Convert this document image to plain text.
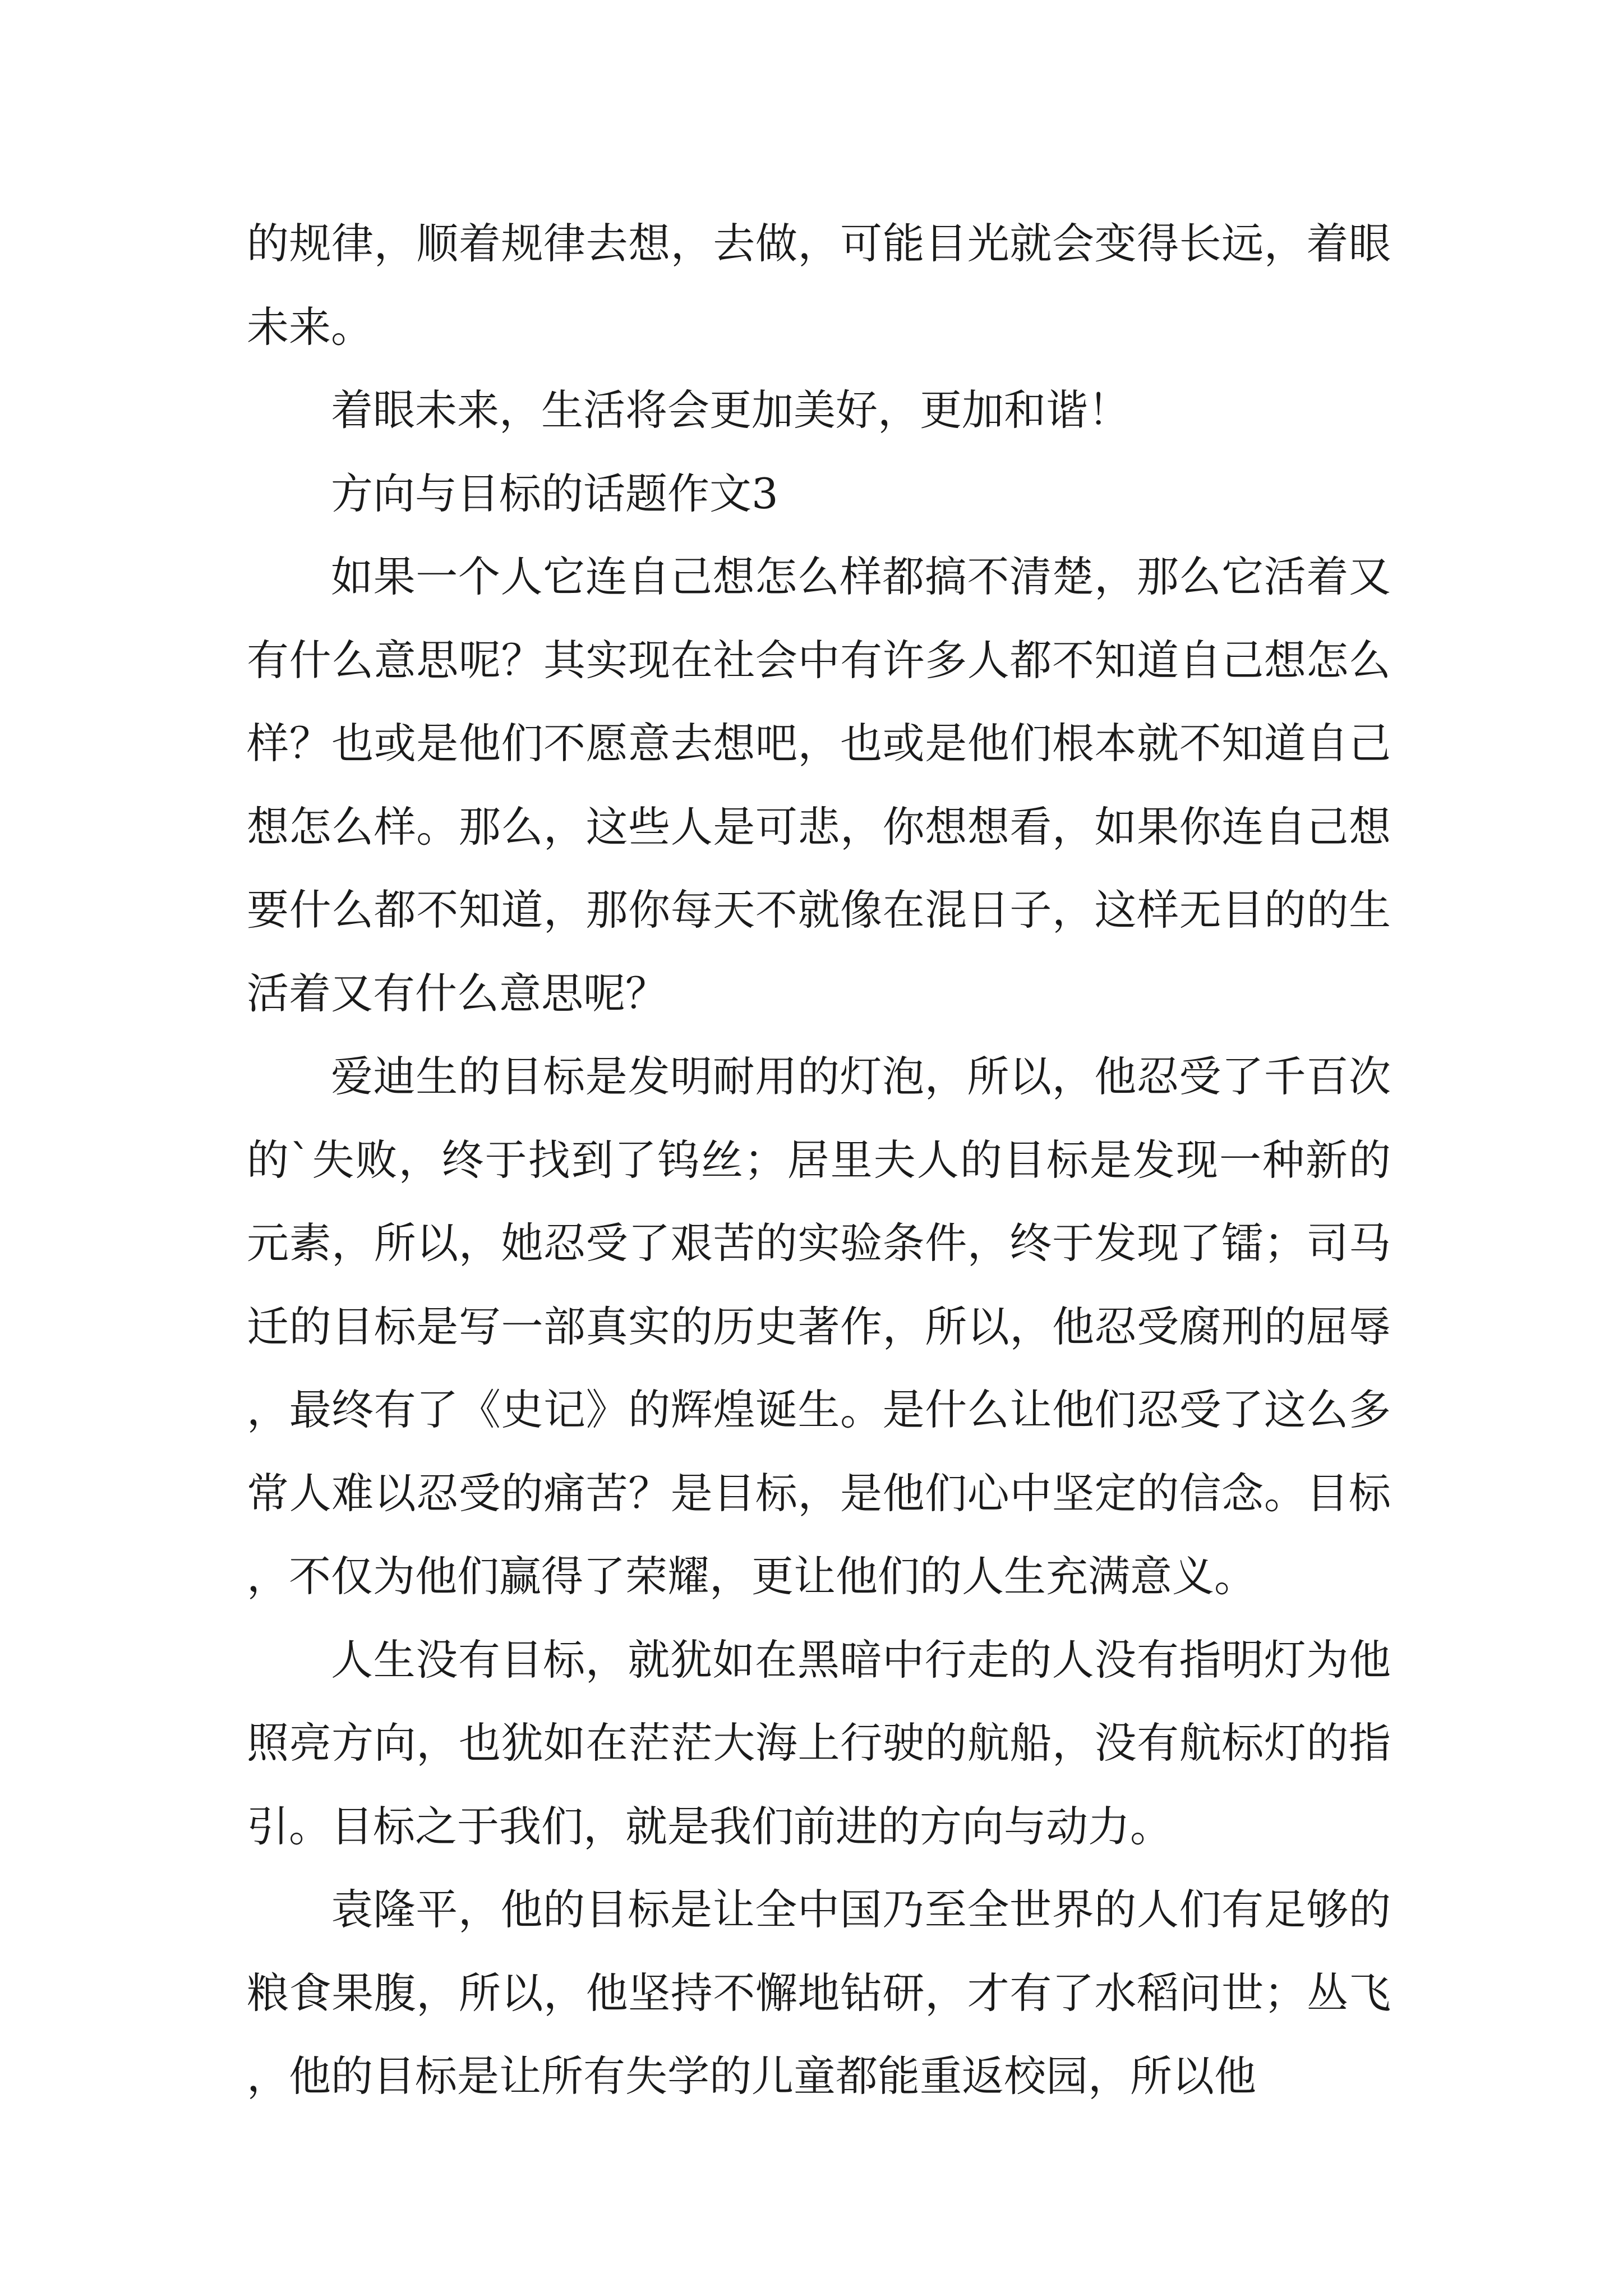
的规律，顺着规律去想，去做，可能目光就会变得长远，着眼未来。

着眼未来，生活将会更加美好，更加和谐！

方向与目标的话题作文3

如果一个人它连自己想怎么样都搞不清楚，那么它活着又有什么意思呢？其实现在社会中有许多人都不知道自己想怎么样？也或是他们不愿意去想吧，也或是他们根本就不知道自己想怎么样。那么，这些人是可悲，你想想看，如果你连自己想要什么都不知道，那你每天不就像在混日子，这样无目的的生活着又有什么意思呢？

爱迪生的目标是发明耐用的灯泡，所以，他忍受了千百次的`失败，终于找到了钨丝；居里夫人的目标是发现一种新的元素，所以，她忍受了艰苦的实验条件，终于发现了镭；司马迁的目标是写一部真实的历史著作，所以，他忍受腐刑的屈辱，最终有了《史记》的辉煌诞生。是什么让他们忍受了这么多常人难以忍受的痛苦？是目标，是他们心中坚定的信念。目标，不仅为他们赢得了荣耀，更让他们的人生充满意义。

人生没有目标，就犹如在黑暗中行走的人没有指明灯为他照亮方向，也犹如在茫茫大海上行驶的航船，没有航标灯的指引。目标之于我们，就是我们前进的方向与动力。

袁隆平，他的目标是让全中国乃至全世界的人们有足够的粮食果腹，所以，他坚持不懈地钻研，才有了水稻问世；丛飞，他的目标是让所有失学的儿童都能重返校园，所以他
